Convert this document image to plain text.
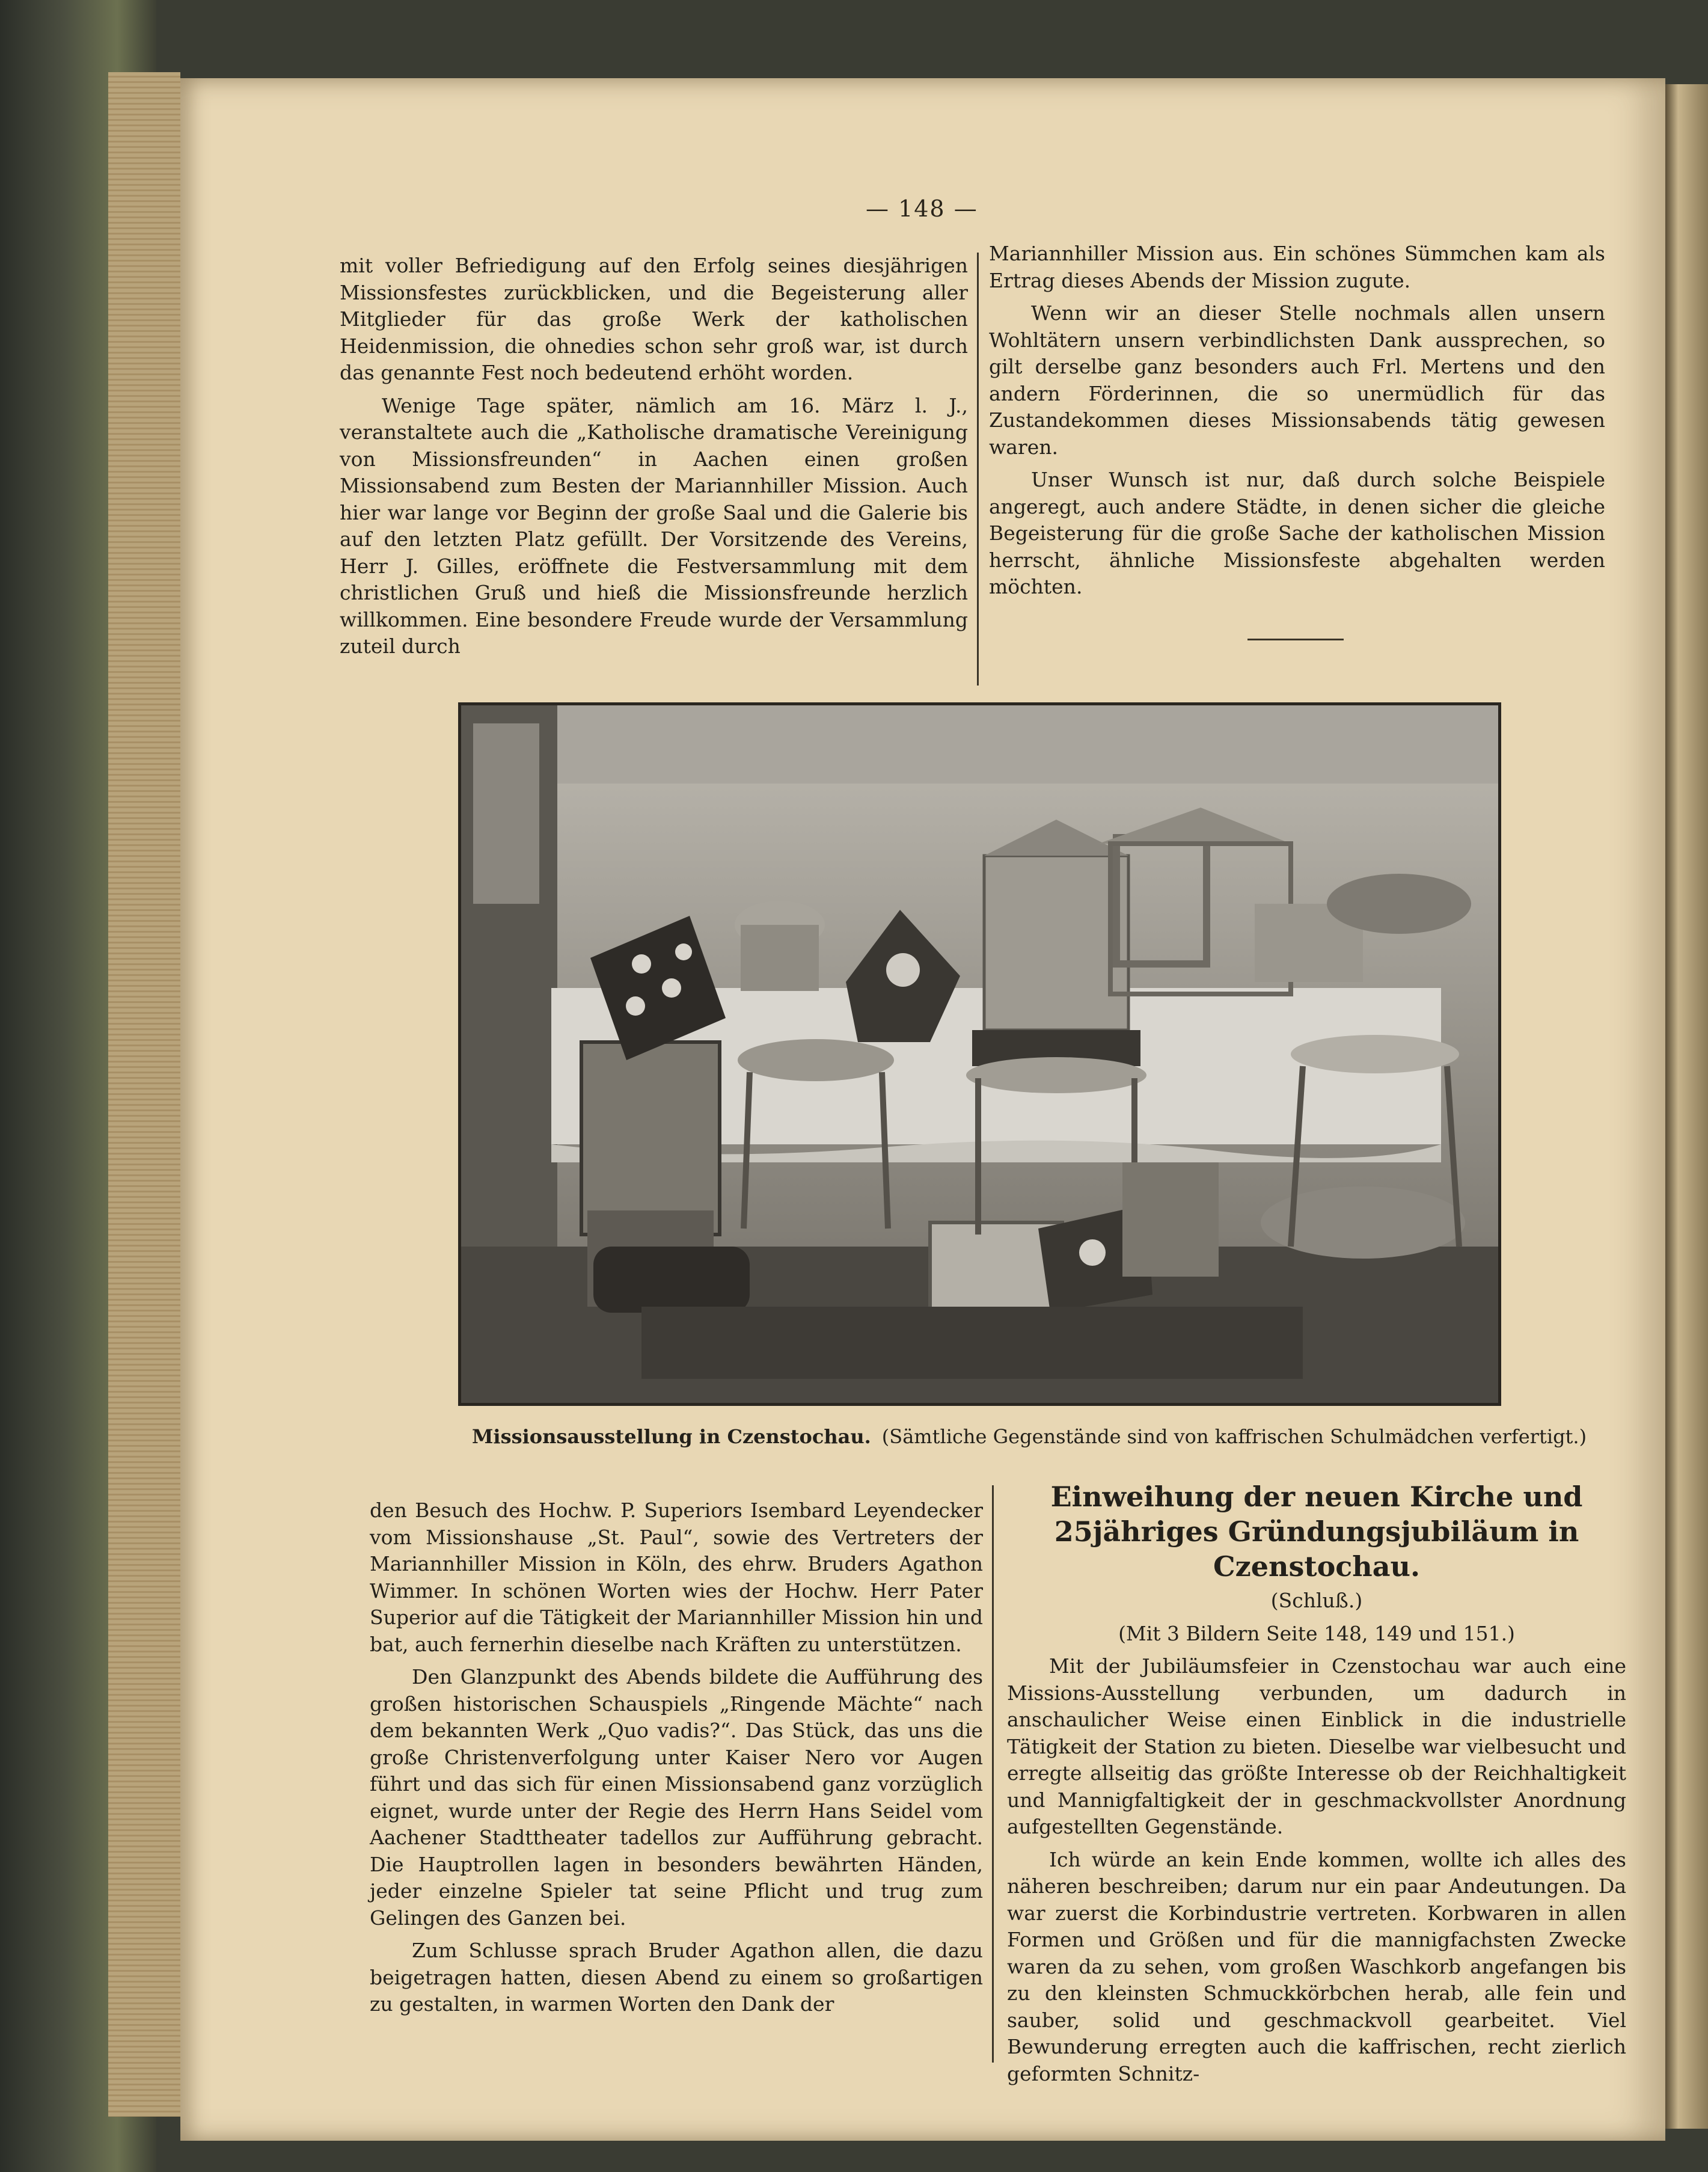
— 148 —

mit voller Befriedigung auf den Erfolg seines diesjährigen Missionsfestes zurückblicken, und die Begeisterung aller Mitglieder für das große Werk der katholischen Heidenmission, die ohnedies schon sehr groß war, ist durch das genannte Fest noch bedeutend erhöht worden.

Wenige Tage später, nämlich am 16. März l. J., veranstaltete auch die „Katholische dramatische Vereinigung von Missionsfreunden“ in Aachen einen großen Missionsabend zum Besten der Mariannhiller Mission. Auch hier war lange vor Beginn der große Saal und die Galerie bis auf den letzten Platz gefüllt. Der Vorsitzende des Vereins, Herr J. Gilles, eröffnete die Festversammlung mit dem christlichen Gruß und hieß die Missionsfreunde herzlich willkommen. Eine besondere Freude wurde der Versammlung zuteil durch

Mariannhiller Mission aus. Ein schönes Sümmchen kam als Ertrag dieses Abends der Mission zugute.

Wenn wir an dieser Stelle nochmals allen unsern Wohltätern unsern verbindlichsten Dank aussprechen, so gilt derselbe ganz besonders auch Frl. Mertens und den andern Förderinnen, die so unermüdlich für das Zustandekommen dieses Missionsabends tätig gewesen waren.

Unser Wunsch ist nur, daß durch solche Beispiele angeregt, auch andere Städte, in denen sicher die gleiche Begeisterung für die große Sache der katholischen Mission herrscht, ähnliche Missionsfeste abgehalten werden möchten.

Missionsausstellung in Czenstochau. (Sämtliche Gegenstände sind von kaffrischen Schulmädchen verfertigt.)

den Besuch des Hochw. P. Superiors Isembard Leyendecker vom Missionshause „St. Paul“, sowie des Vertreters der Mariannhiller Mission in Köln, des ehrw. Bruders Agathon Wimmer. In schönen Worten wies der Hochw. Herr Pater Superior auf die Tätigkeit der Mariannhiller Mission hin und bat, auch fernerhin dieselbe nach Kräften zu unterstützen.

Den Glanzpunkt des Abends bildete die Aufführung des großen historischen Schauspiels „Ringende Mächte“ nach dem bekannten Werk „Quo vadis?“. Das Stück, das uns die große Christenverfolgung unter Kaiser Nero vor Augen führt und das sich für einen Missionsabend ganz vorzüglich eignet, wurde unter der Regie des Herrn Hans Seidel vom Aachener Stadttheater tadellos zur Aufführung gebracht. Die Hauptrollen lagen in besonders bewährten Händen, jeder einzelne Spieler tat seine Pflicht und trug zum Gelingen des Ganzen bei.

Zum Schlusse sprach Bruder Agathon allen, die dazu beigetragen hatten, diesen Abend zu einem so großartigen zu gestalten, in warmen Worten den Dank der

Einweihung der neuen Kirche und 25jähriges Gründungsjubiläum in Czenstochau.

(Schluß.)

(Mit 3 Bildern Seite 148, 149 und 151.)

Mit der Jubiläumsfeier in Czenstochau war auch eine Missions-Ausstellung verbunden, um dadurch in anschaulicher Weise einen Einblick in die industrielle Tätigkeit der Station zu bieten. Dieselbe war vielbesucht und erregte allseitig das größte Interesse ob der Reichhaltigkeit und Mannigfaltigkeit der in geschmackvollster Anordnung aufgestellten Gegenstände.

Ich würde an kein Ende kommen, wollte ich alles des näheren beschreiben; darum nur ein paar Andeutungen. Da war zuerst die Korbindustrie vertreten. Korbwaren in allen Formen und Größen und für die mannigfachsten Zwecke waren da zu sehen, vom großen Waschkorb angefangen bis zu den kleinsten Schmuckkörbchen herab, alle fein und sauber, solid und geschmackvoll gearbeitet. Viel Bewunderung erregten auch die kaffrischen, recht zierlich geformten Schnitz-
